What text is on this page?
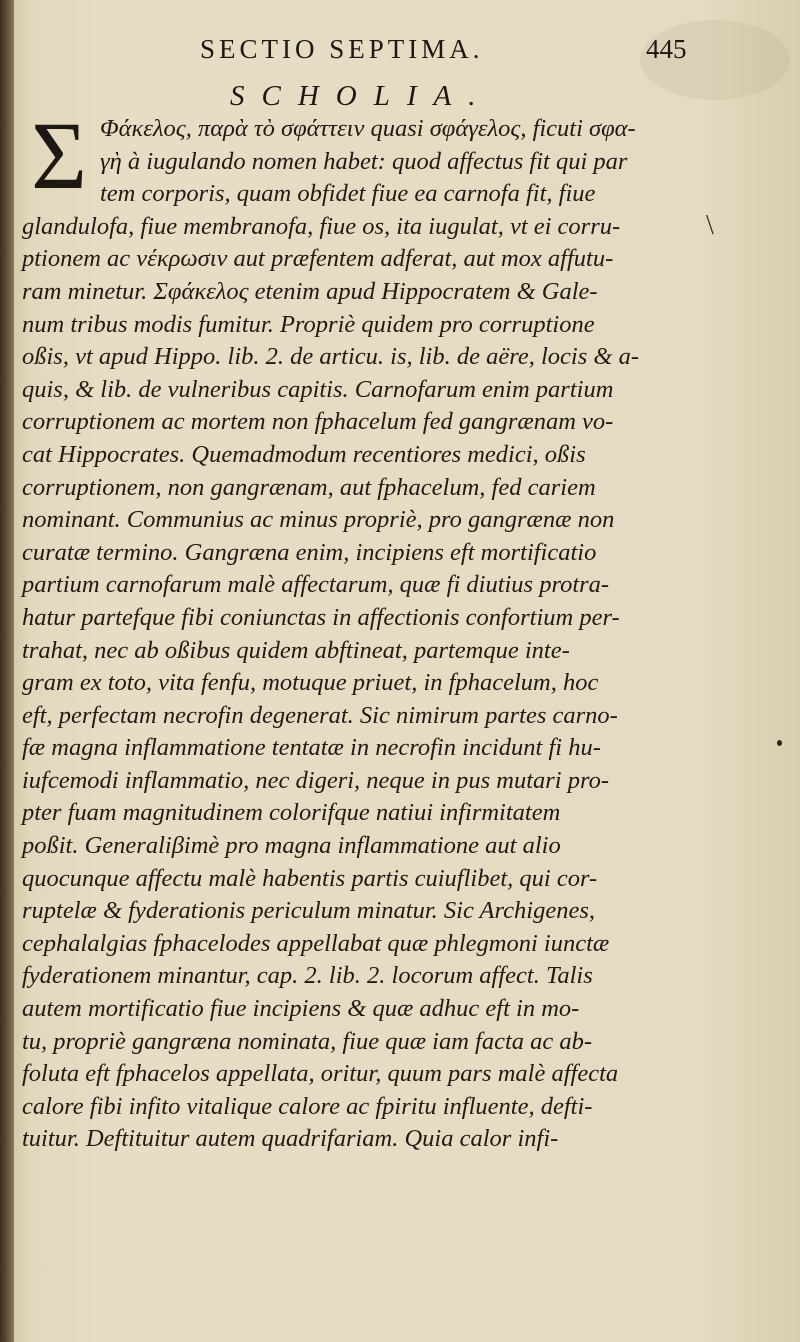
SECTIO SEPTIMA.	445
SCHOLIA.
Σ Φάκελος, παρὰ τὸ σφάττειν quasi σφάγελος, ficuti σφα-
γὴ à iugulando nomen habet: quod affectus fit qui par
tem corporis, quam obfidet fiue ea carnofa fit, fiue
glandulofa, fiue membranofa, fiue os, ita iugulat, vt ei corru-
ptionem ac νέκρωσιν aut præfentem adferat, aut mox affutu-
ram minetur. Σφάκελος etenim apud Hippocratem & Gale-
num tribus modis fumitur. Propriè quidem pro corruptione
oßis, vt apud Hippo. lib. 2. de articu. is, lib. de aëre, locis & a-
quis, & lib. de vulneribus capitis. Carnofarum enim partium
corruptionem ac mortem non fphacelum fed gangrænam vo-
cat Hippocrates. Quemadmodum recentiores medici, oßis
corruptionem, non gangrænam, aut fphacelum, fed cariem
nominant. Communius ac minus propriè, pro gangrænæ non
curatæ termino. Gangræna enim, incipiens eft mortificatio
partium carnofarum malè affectarum, quæ fi diutius protra-
hatur partefque fibi coniunctas in affectionis confortium per-
trahat, nec ab oßibus quidem abftineat, partemque inte-
gram ex toto, vita fenfu, motuque priuet, in fphacelum, hoc
eft, perfectam necrofin degenerat. Sic nimirum partes carno-
fæ magna inflammatione tentatæ in necrofin incidunt fi hu-
iufcemodi inflammatio, nec digeri, neque in pus mutari pro-
pter fuam magnitudinem colorifque natiui infirmitatem
poßit. Generaliβimè pro magna inflammatione aut alio
quocunque affectu malè habentis partis cuiuflibet, qui cor-
ruptelæ & fyderationis periculum minatur. Sic Archigenes,
cephalalgias fphacelodes appellabat quæ phlegmoni iunctæ
fyderationem minantur, cap. 2. lib. 2. locorum affect. Talis
autem mortificatio fiue incipiens & quæ adhuc eft in mo-
tu, propriè gangræna nominata, fiue quæ iam facta ac ab-
foluta eft fphacelos appellata, oritur, quum pars malè affecta
calore fibi infito vitalique calore ac fpiritu influente, defti-
tuitur. Deftituitur autem quadrifariam. Quia calor infi-
\
